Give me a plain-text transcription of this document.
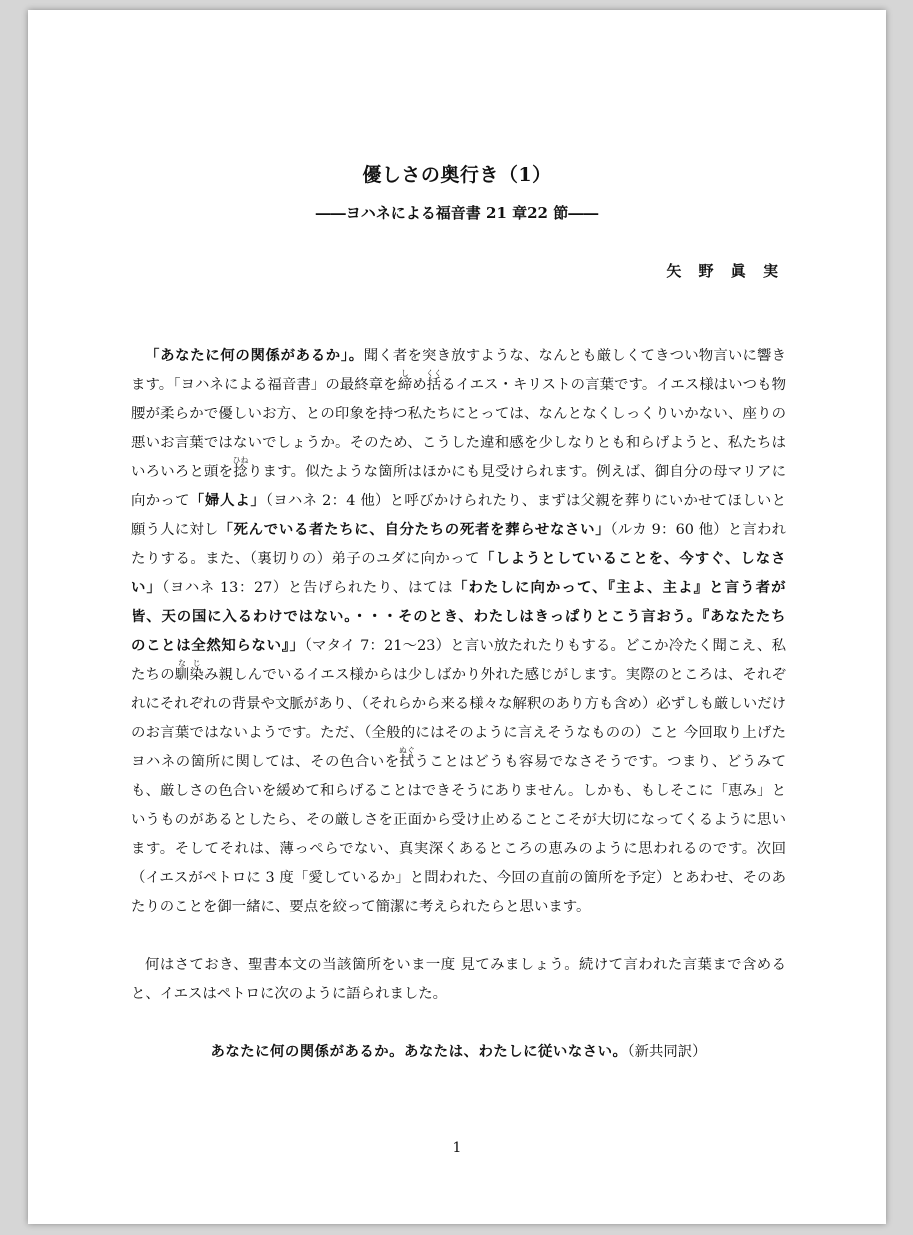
優しさの奥行き（1）
――ヨハネによる福音書 21 章22 節――
矢 野 眞 実

「あなたに何の関係があるか」。聞く者を突き放すような、なんとも厳しくてきつい物言いに響きます。「ヨハネによる福音書」の最終章を締しめ括くくるイエス・キリストの言葉です。イエス様はいつも物腰が柔らかで優しいお方、との印象を持つ私たちにとっては、なんとなくしっくりいかない、座りの悪いお言葉ではないでしょうか。そのため、こうした違和感を少しなりとも和らげようと、私たちはいろいろと頭を捻ひねります。似たような箇所はほかにも見受けられます。例えば、御自分の母マリアに向かって「婦人よ」（ヨハネ 2：4 他）と呼びかけられたり、まずは父親を葬りにいかせてほしいと願う人に対し「死んでいる者たちに、自分たちの死者を葬らせなさい」（ルカ 9：60 他）と言われたりする。また、（裏切りの）弟子のユダに向かって「しようとしていることを、今すぐ、しなさい」（ヨハネ 13：27）と告げられたり、はては「わたしに向かって、『主よ、主よ』と言う者が皆、天の国に入るわけではない。・・・そのとき、わたしはきっぱりとこう言おう。『あなたたちのことは全然知らない』」（マタイ 7：21～23）と言い放たれたりもする。どこか冷たく聞こえ、私たちの馴な染じみ親しんでいるイエス様からは少しばかり外れた感じがします。実際のところは、それぞれにそれぞれの背景や文脈があり、（それらから来る様々な解釈のあり方も含め）必ずしも厳しいだけのお言葉ではないようです。ただ、（全般的にはそのように言えそうなものの）こと 今回取り上げたヨハネの箇所に関しては、その色合いを拭ぬぐうことはどうも容易でなさそうです。つまり、どうみても、厳しさの色合いを緩めて和らげることはできそうにありません。しかも、もしそこに「恵み」というものがあるとしたら、その厳しさを正面から受け止めることこそが大切になってくるように思います。そしてそれは、薄っぺらでない、真実深くあるところの恵みのように思われるのです。次回（イエスがペトロに 3 度「愛しているか」と問われた、今回の直前の箇所を予定）とあわせ、そのあたりのことを御一緒に、要点を絞って簡潔に考えられたらと思います。

何はさておき、聖書本文の当該箇所をいま一度 見てみましょう。続けて言われた言葉まで含めると、イエスはペトロに次のように語られました。

あなたに何の関係があるか。あなたは、わたしに従いなさい。（新共同訳）

1
